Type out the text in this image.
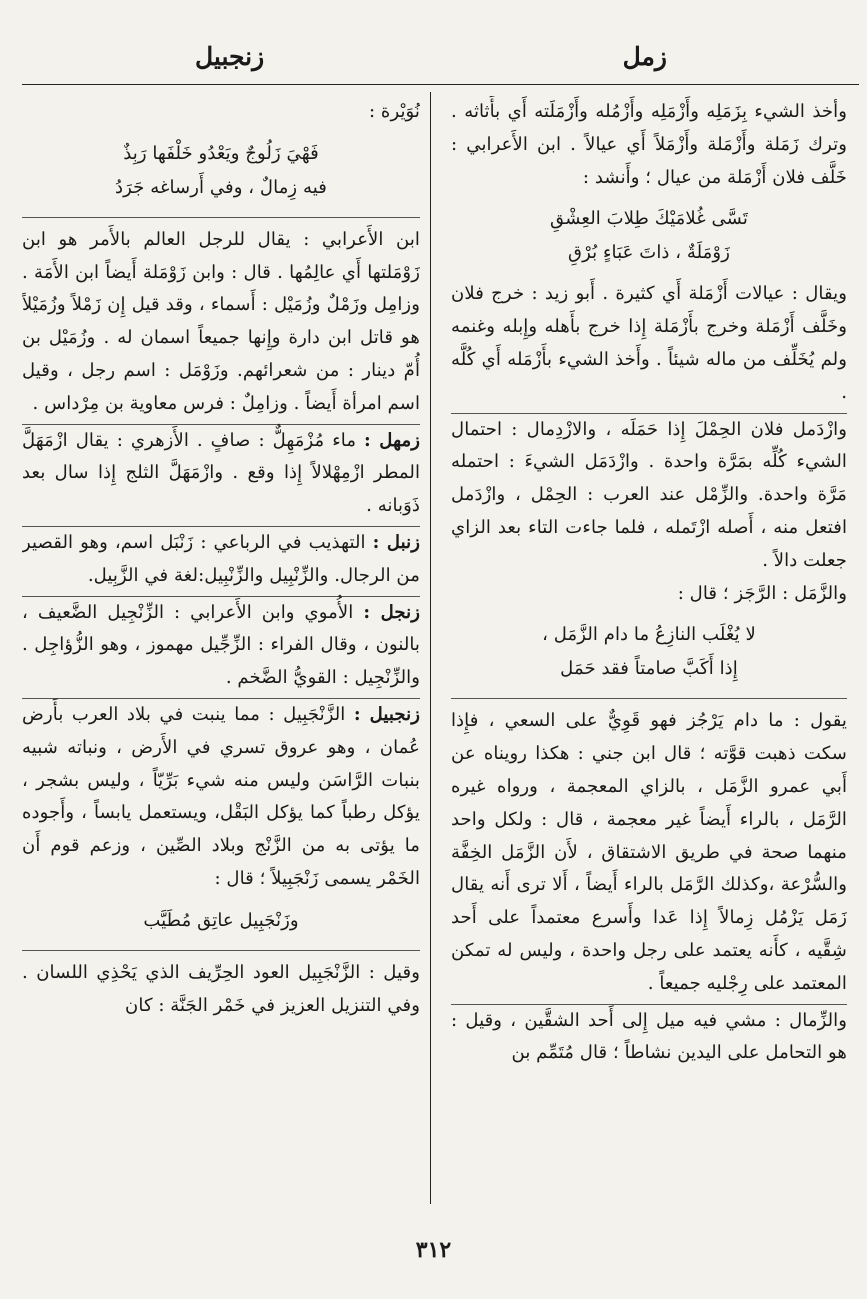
زمل
زنجبيل

وأخذ الشيء بِزَمَلِه وأَزْمَلِه وأَزْمُله وأَزْمَلَته أَي بأَثاثه . وترك زَمَلة وأَزْمَلة وأَزْمَلاً أَي عيالاً . ابن الأَعرابي : خَلَّف فلان أَزْمَلة من عيال ؛ وأَنشد :

تَسَّى غُلامَيْكَ طِلابَ العِشْقِ
زَوْمَلَةٌ ، ذاتَ عَبَاءٍ بُرْقِ

ويقال : عيالات أَزْمَلة أَي كثيرة . أَبو زيد : خرج فلان وخَلَّف أَزْمَلة وخرج بأَزْمَلة إِذا خرج بأَهله وإِبله وغنمه ولم يُخَلِّف من ماله شيئاً . وأَخذ الشيء بأَزْمَله أَي كُلَّه .

وازْدَمل فلان الحِمْلَ إِذا حَمَلَه ، والازْدِمال : احتمال الشيء كُلِّه بمَرَّة واحدة . وازْدَمَل الشيءَ : احتمله مَرَّة واحدة. والزِّمْل عند العرب : الحِمْل ، وازْدَمل افتعل منه ، أَصله ازْتَمله ، فلما جاءت التاء بعد الزاي جعلت دالاً .

والزَّمَل : الرَّجَز ؛ قال :

لا يُغْلَب النازِعُ ما دام الزَّمَل ،
إِذا أَكَبَّ صامتاً فقد حَمَل

يقول : ما دام يَرْجُز فهو قَوِيٌّ على السعي ، فإِذا سكت ذهبت قوَّته ؛ قال ابن جني : هكذا رويناه عن أَبي عمرو الزَّمَل ، بالزاي المعجمة ، ورواه غيره الرَّمَل ، بالراء أَيضاً غير معجمة ، قال : ولكل واحد منهما صحة في طريق الاشتقاق ، لأَن الزَّمَل الخِفَّة والسُّرْعة ،وكذلك الرَّمَل بالراء أَيضاً ، أَلا ترى أَنه يقال زَمَل يَزْمُل زِمالاً إِذا عَدا وأَسرع معتمداً على أَحد شِقَّيه ، كأَنه يعتمد على رجل واحدة ، وليس له تمكن المعتمد على رِجْليه جميعاً .

والزِّمال : مشي فيه ميل إِلى أَحد الشقَّين ، وقيل : هو التحامل على اليدين نشاطاً ؛ قال مُتَمِّم بن

نُوَيْرة :

فَهْيَ زَلُوجٌ ويَعْدُو خَلْفَها رَبِذٌ
فيه زِمالٌ ، وفي أَرساغه جَرَدُ

ابن الأَعرابي : يقال للرجل العالم بالأَمر هو ابن زَوْمَلتها أَي عالِمُها . قال : وابن زَوْمَلة أَيضاً ابن الأَمَة . وزامِل وزَمْلٌ وزُمَيْل : أَسماء ، وقد قيل إِن زَمْلاً وزُمَيْلاً هو قاتل ابن دارة وإِنها جميعاً اسمان له . وزُمَيْل بن أُمّ دينار : من شعرائهم. وزَوْمَل : اسم رجل ، وقيل اسم امرأة أَيضاً . وزامِلٌ : فرس معاوية بن مِرْداس .

زمهل : ماء مُزْمَهِلٌّ : صافٍ . الأَزهري : يقال ازْمَهَلَّ المطر ازْمِهْلالاً إِذا وقع . وازْمَهَلَّ الثلج إِذا سال بعد ذَوَبانه .

زنبل : التهذيب في الرباعي : زَنْبَل اسم، وهو القصير من الرجال. والزِّنْبِيل والزِّنْبِيل:لغة في الزَّبِيل.

زنجل : الأُموي وابن الأَعرابي : الزِّنْجِيل الضَّعيف ، بالنون ، وقال الفراء : الزِّجِّيل مهموز ، وهو الزُّؤاجِل . والزِّنْجِيل : القويُّ الضَّخم .

زنجبيل : الزَّنْجَبِيل : مما ينبت في بلاد العرب بأَرض عُمان ، وهو عروق تسري في الأَرض ، ونباته شبيه بنبات الرَّاسَن وليس منه شيء بَرِّيّاً ، وليس بشجر ، يؤكل رطباً كما يؤكل البَقْل، ويستعمل يابساً ، وأَجوده ما يؤتى به من الزَّنْج وبلاد الصِّين ، وزعم قوم أَن الخَمْر يسمى زَنْجَبِيلاً ؛ قال :

وزَنْجَبِيل عاتِق مُطَيَّب

وقيل : الزَّنْجَبِيل العود الحِرِّيف الذي يَحْذِي اللسان . وفي التنزيل العزيز في خَمْر الجَنَّة : كان

٣١٢
